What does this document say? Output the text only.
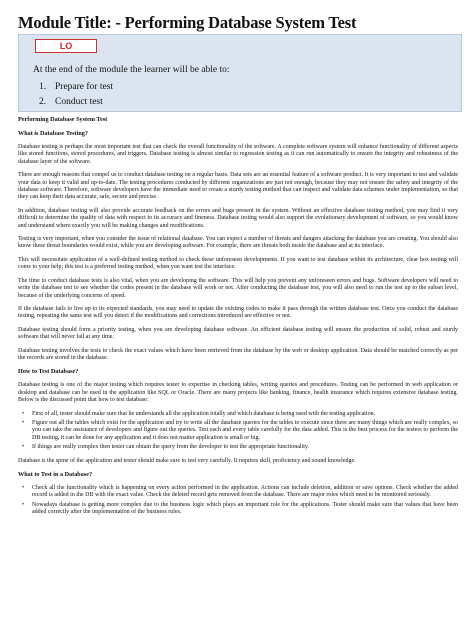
Module Title: - Performing Database System Test
LO
At the end of the module the learner will be able to:
1. Prepare for test
2. Conduct test
Performing Database System Test
What is Database Testing?

Database testing is perhaps the most important test that can check the overall functionality of the software. A complete software system will enhance functionality of different aspects like stored functions, stored procedures, and triggers. Database testing is almost similar to regression testing as it can run automatically to ensure the integrity and robustness of the database layer of the software.

There are enough reasons that compel us to conduct database testing on a regular basis. Data sets are an essential feature of a software product. It is very important to test and validate your data to keep it valid and up-to-date. The testing procedures conducted by different organizations are just not enough, because they may not ensure the safety and integrity of the database software. Therefore, software developers have the immediate need to create a sturdy testing method that can inspect and validate data schemes under implementation, so that they can keep their data accurate, safe, secure and precise.

In addition, database testing will also provide accurate feedback on the errors and bugs present in the system. Without an effective database testing method, you may find it very difficult to determine the quality of data with respect to its accuracy and fineness. Database testing would also support the evolutionary development of software, so you would know and understand where exactly you will be making changes and modifications.

Testing is very important, when you consider the issue of relational database. You can expect a number of threats and dangers attacking the database you are creating. You should also know these threat boundaries would exist, while you are developing software. For example, there are threats both inside the database and at its interface.

This will necessitate application of a well-defined testing method to check these unforeseen developments. If you want to test database within its architecture, clear box testing will come to your help; this test is a preferred testing method, when you want test the interface.

The time to conduct database tests is also vital, when you are developing the software. This will help you prevent any unforeseen errors and bugs. Software developers will need to write the database test to see whether the codes present in the database will work or not. After conducting the database test, you will also need to run the test up to the subset level, because of the underlying concerns of speed.

If the database fails to live up to its expected standards, you may need to update the existing codes to make it pass through the written database test. Once you conduct the database testing, repeating the same test will you detect if the modifications and corrections introduced are effective or not.

Database testing should form a priority testing, when you are developing database software. An efficient database testing will ensure the production of solid, robust and sturdy software that will never fail at any time.

Database testing involves the tests to check the exact values which have been retrieved from the database by the web or desktop application. Data should be matched correctly as per the records are stored in the database.

How to Test Database?

Database testing is one of the major testing which requires tester to expertise in checking tables, writing queries and procedures. Testing can be performed in web application or desktop and database can be used in the application like SQL or Oracle. There are many projects like banking, finance, health insurance which requires extensive database testing. Below is the discussed point that how to test database:

• First of all, tester should make sure that he understands all the application totally and which database is being used with the testing application.
• Figure out all the tables which exist for the application and try to write all the database queries for the tables to execute since there are many things which are really complex, so you can take the assistance of developers and figure out the queries. Test each and every table carefully for the data added. This is the best process for the testers to perform the DB testing, it can be done for any application and it does not matter application is small or big.
• If things are really complex then tester can obtain the query from the developer to test the appropriate functionality.

Database is the spine of the application and tester should make sure to test very carefully. It requires skill, proficiency and sound knowledge.

What to Test in a Database?
• Check all the functionality which is happening on every action performed in the application. Actions can include deletion, addition or save options. Check whether the added record is added in the DB with the exact value. Check the deleted record gets removed from the database. There are major roles which need to be monitored seriously.
• Nowadays database is getting more complex due to the business logic which plays an important role for the applications. Tester should make sure that values that have been added correctly after the implementation of the business rules.
